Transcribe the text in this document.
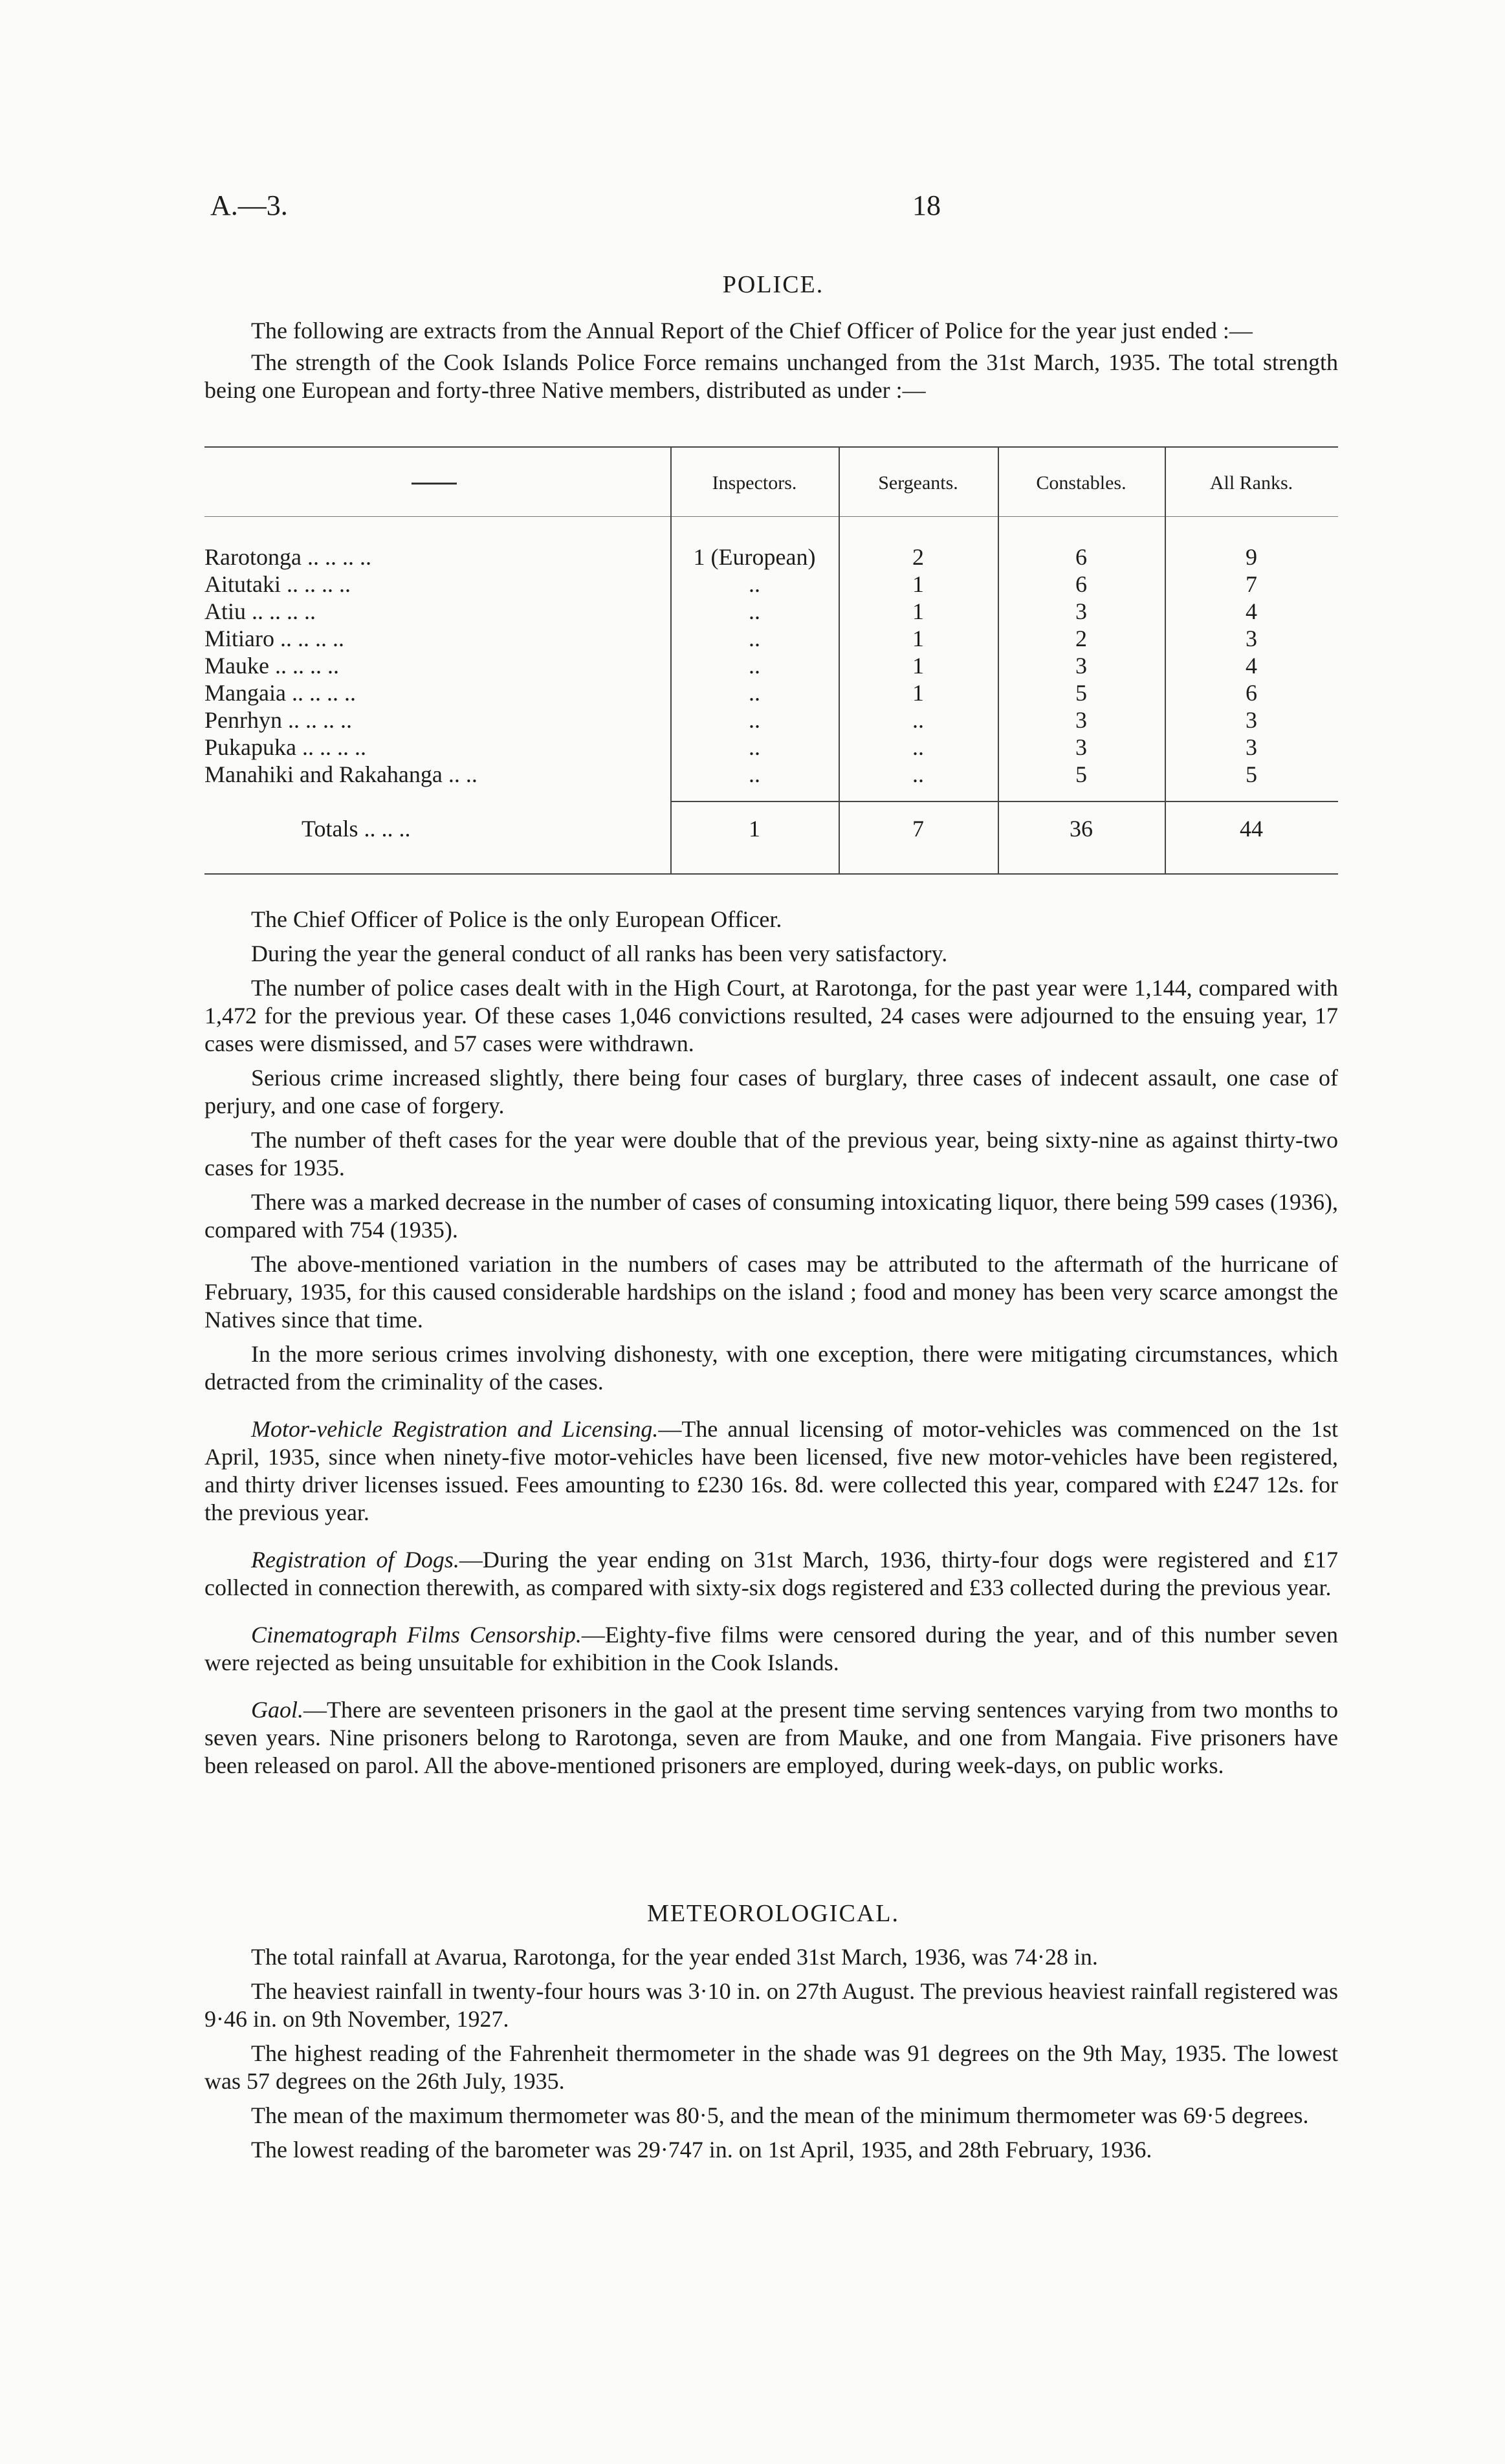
A.—3.	18
POLICE.

The following are extracts from the Annual Report of the Chief Officer of Police for the year just ended :—

The strength of the Cook Islands Police Force remains unchanged from the 31st March, 1935. The total strength being one European and forty-three Native members, distributed as under :—

Inspectors.	Sergeants.	Constables.	All Ranks.
Rarotonga .. .. .. ..	1 (European)	2	6	9
Aitutaki .. .. .. ..	..	1	6	7
Atiu .. .. .. ..	..	1	3	4
Mitiaro .. .. .. ..	..	1	2	3
Mauke .. .. .. ..	..	1	3	4
Mangaia .. .. .. ..	..	1	5	6
Penrhyn .. .. .. ..	..	..	3	3
Pukapuka .. .. .. ..	..	..	3	3
Manahiki and Rakahanga .. ..	..	..	5	5
Totals .. .. ..	1	7	36	44

The Chief Officer of Police is the only European Officer.

During the year the general conduct of all ranks has been very satisfactory.

The number of police cases dealt with in the High Court, at Rarotonga, for the past year were 1,144, compared with 1,472 for the previous year. Of these cases 1,046 convictions resulted, 24 cases were adjourned to the ensuing year, 17 cases were dismissed, and 57 cases were withdrawn.

Serious crime increased slightly, there being four cases of burglary, three cases of indecent assault, one case of perjury, and one case of forgery.

The number of theft cases for the year were double that of the previous year, being sixty-nine as against thirty-two cases for 1935.

There was a marked decrease in the number of cases of consuming intoxicating liquor, there being 599 cases (1936), compared with 754 (1935).

The above-mentioned variation in the numbers of cases may be attributed to the aftermath of the hurricane of February, 1935, for this caused considerable hardships on the island ; food and money has been very scarce amongst the Natives since that time.

In the more serious crimes involving dishonesty, with one exception, there were mitigating circumstances, which detracted from the criminality of the cases.

Motor-vehicle Registration and Licensing.—The annual licensing of motor-vehicles was commenced on the 1st April, 1935, since when ninety-five motor-vehicles have been licensed, five new motor-vehicles have been registered, and thirty driver licenses issued. Fees amounting to £230 16s. 8d. were collected this year, compared with £247 12s. for the previous year.

Registration of Dogs.—During the year ending on 31st March, 1936, thirty-four dogs were registered and £17 collected in connection therewith, as compared with sixty-six dogs registered and £33 collected during the previous year.

Cinematograph Films Censorship.—Eighty-five films were censored during the year, and of this number seven were rejected as being unsuitable for exhibition in the Cook Islands.

Gaol.—There are seventeen prisoners in the gaol at the present time serving sentences varying from two months to seven years. Nine prisoners belong to Rarotonga, seven are from Mauke, and one from Mangaia. Five prisoners have been released on parol. All the above-mentioned prisoners are employed, during week-days, on public works.

METEOROLOGICAL.

The total rainfall at Avarua, Rarotonga, for the year ended 31st March, 1936, was 74·28 in.

The heaviest rainfall in twenty-four hours was 3·10 in. on 27th August. The previous heaviest rainfall registered was 9·46 in. on 9th November, 1927.

The highest reading of the Fahrenheit thermometer in the shade was 91 degrees on the 9th May, 1935. The lowest was 57 degrees on the 26th July, 1935.

The mean of the maximum thermometer was 80·5, and the mean of the minimum thermometer was 69·5 degrees.

The lowest reading of the barometer was 29·747 in. on 1st April, 1935, and 28th February, 1936.
